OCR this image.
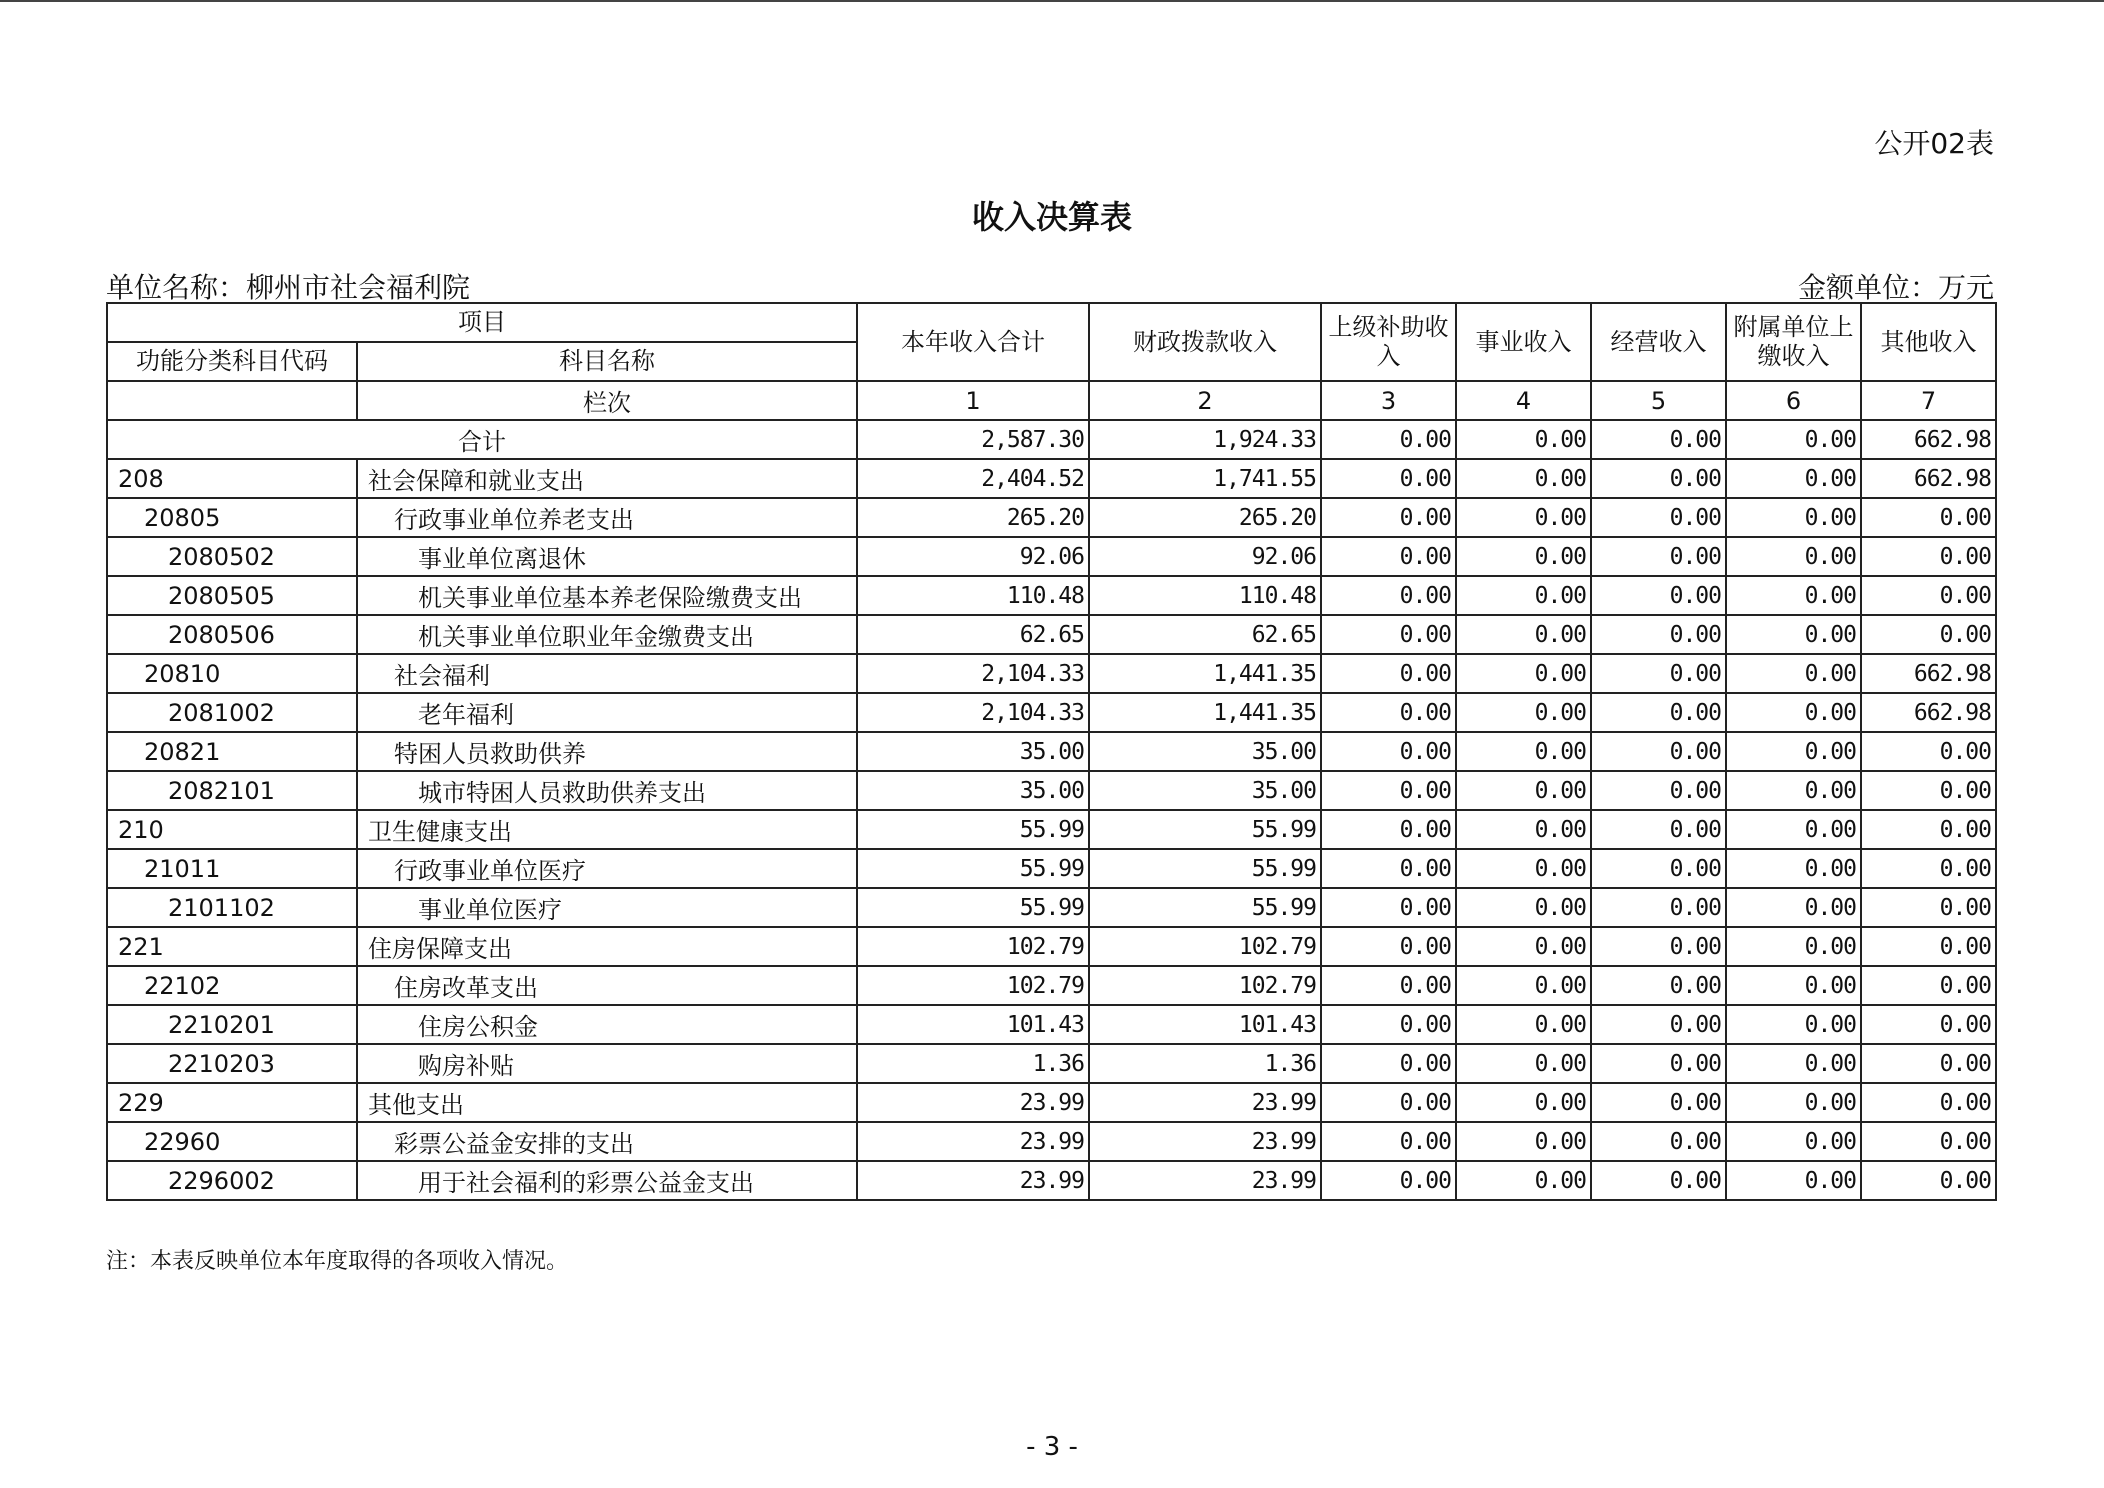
公开02表
收入决算表
单位名称：柳州市社会福利院	金额单位：万元
项目		本年收入合计	财政拨款收入	上级补助收入	事业收入	经营收入	附属单位上缴收入	其他收入
功能分类科目代码	科目名称							
	栏次	1	2	3	4	5	6	7
合计		2,587.30	1,924.33	0.00	0.00	0.00	0.00	662.98
208	社会保障和就业支出	2,404.52	1,741.55	0.00	0.00	0.00	0.00	662.98
20805	行政事业单位养老支出	265.20	265.20	0.00	0.00	0.00	0.00	0.00
2080502	事业单位离退休	92.06	92.06	0.00	0.00	0.00	0.00	0.00
2080505	机关事业单位基本养老保险缴费支出	110.48	110.48	0.00	0.00	0.00	0.00	0.00
2080506	机关事业单位职业年金缴费支出	62.65	62.65	0.00	0.00	0.00	0.00	0.00
20810	社会福利	2,104.33	1,441.35	0.00	0.00	0.00	0.00	662.98
2081002	老年福利	2,104.33	1,441.35	0.00	0.00	0.00	0.00	662.98
20821	特困人员救助供养	35.00	35.00	0.00	0.00	0.00	0.00	0.00
2082101	城市特困人员救助供养支出	35.00	35.00	0.00	0.00	0.00	0.00	0.00
210	卫生健康支出	55.99	55.99	0.00	0.00	0.00	0.00	0.00
21011	行政事业单位医疗	55.99	55.99	0.00	0.00	0.00	0.00	0.00
2101102	事业单位医疗	55.99	55.99	0.00	0.00	0.00	0.00	0.00
221	住房保障支出	102.79	102.79	0.00	0.00	0.00	0.00	0.00
22102	住房改革支出	102.79	102.79	0.00	0.00	0.00	0.00	0.00
2210201	住房公积金	101.43	101.43	0.00	0.00	0.00	0.00	0.00
2210203	购房补贴	1.36	1.36	0.00	0.00	0.00	0.00	0.00
229	其他支出	23.99	23.99	0.00	0.00	0.00	0.00	0.00
22960	彩票公益金安排的支出	23.99	23.99	0.00	0.00	0.00	0.00	0.00
2296002	用于社会福利的彩票公益金支出	23.99	23.99	0.00	0.00	0.00	0.00	0.00
注：本表反映单位本年度取得的各项收入情况。
- 3 -
